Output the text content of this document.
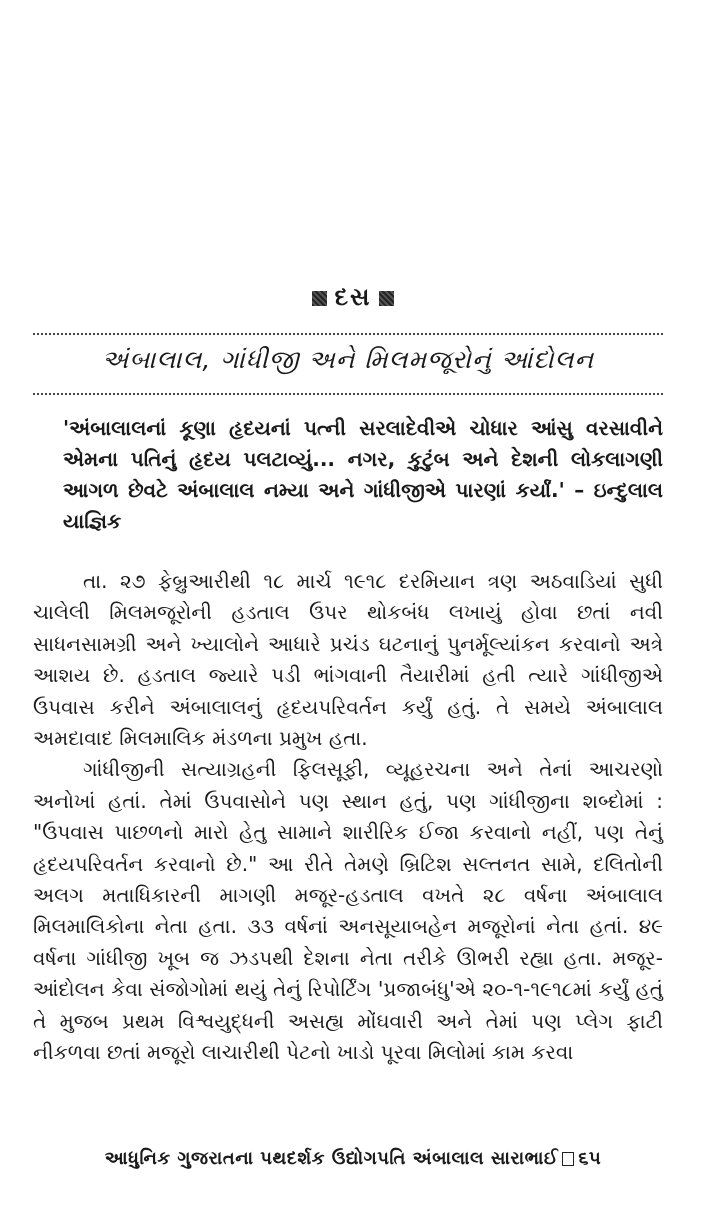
દસ
અંબાલાલ, ગાંધીજી અને મિલમજૂરોનું આંદોલન
'અંબાલાલનાં કૂણા હૃદયનાં પત્ની સરલાદેવીએ ચોધાર આંસુ વરસાવીને એમના પતિનું હૃદય પલટાવ્યું... નગર, કુટુંબ અને દેશની લોકલાગણી આગળ છેવટે અંબાલાલ નમ્યા અને ગાંધીજીએ પારણાં કર્યાં.' – ઇન્દુલાલ યાજ્ઞિક

તા. ૨૭ ફેબ્રુઆરીથી ૧૮ માર્ચ ૧૯૧૮ દરમિયાન ત્રણ અઠવાડિયાં સુધી ચાલેલી મિલમજૂરોની હડતાલ ઉપર થોકબંધ લખાયું હોવા છતાં નવી સાધનસામગ્રી અને ખ્યાલોને આધારે પ્રચંડ ઘટનાનું પુનર્મૂલ્યાંકન કરવાનો અત્રે આશય છે. હડતાલ જ્યારે પડી ભાંગવાની તૈયારીમાં હતી ત્યારે ગાંધીજીએ ઉપવાસ કરીને અંબાલાલનું હૃદયપરિવર્તન કર્યું હતું. તે સમયે અંબાલાલ અમદાવાદ મિલમાલિક મંડળના પ્રમુખ હતા.

ગાંધીજીની સત્યાગ્રહની ફિલસૂફી, વ્યૂહરચના અને તેનાં આચરણો અનોખાં હતાં. તેમાં ઉપવાસોને પણ સ્થાન હતું, પણ ગાંધીજીના શબ્દોમાં : "ઉપવાસ પાછળનો મારો હેતુ સામાને શારીરિક ઈજા કરવાનો નહીં, પણ તેનું હૃદયપરિવર્તન કરવાનો છે." આ રીતે તેમણે બ્રિટિશ સલ્તનત સામે, દલિતોની અલગ મતાધિકારની માગણી મજૂર-હડતાલ વખતે ૨૮ વર્ષના અંબાલાલ મિલમાલિકોના નેતા હતા. ૩૩ વર્ષનાં અનસૂયાબહેન મજૂરોનાં નેતા હતાં. ૪૯ વર્ષના ગાંધીજી ખૂબ જ ઝડપથી દેશના નેતા તરીકે ઊભરી રહ્યા હતા. મજૂર-આંદોલન કેવા સંજોગોમાં થયું તેનું રિપોર્ટિંગ 'પ્રજાબંધુ'એ ૨૦-૧-૧૯૧૮માં કર્યું હતું તે મુજબ પ્રથમ વિશ્વયુદ્ધની અસહ્ય મોંઘવારી અને તેમાં પણ પ્લેગ ફાટી નીકળવા છતાં મજૂરો લાચારીથી પેટનો ખાડો પૂરવા મિલોમાં કામ કરવા

આધુનિક ગુજરાતના પથદર્શક ઉદ્યોગપતિ અંબાલાલ સારાભાઈ ૬૫
